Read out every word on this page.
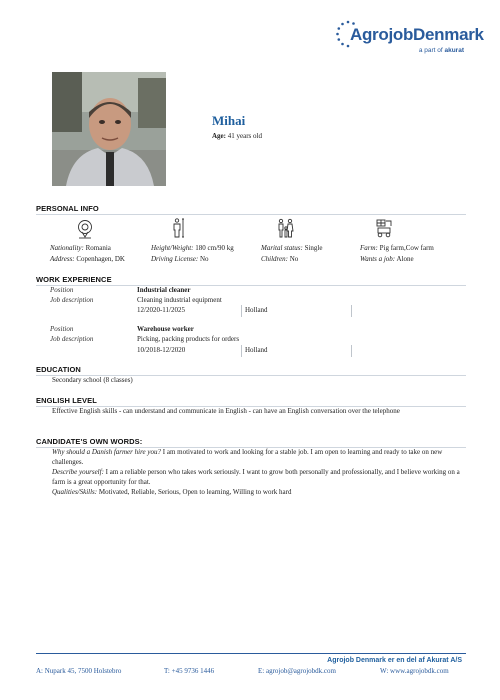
AgrojobDenmark
a part of akurat
Mihai
Age: 41 years old
PERSONAL INFO
Nationality: Romania
Address: Copenhagen, DK
Height/Weight: 180 cm/90 kg
Driving License: No
Marital status: Single
Children: No
Farm: Pig farm,Cow farm
Wants a job: Alone
WORK EXPERIENCE
Position	Industrial cleaner
Job description	Cleaning industrial equipment
12/2020-11/2025	Holland
Position	Warehouse worker
Job description	Picking, packing products for orders
10/2018-12/2020	Holland
EDUCATION
Secondary school (8 classes)
ENGLISH LEVEL
Effective English skills - can understand and communicate in English - can have an English conversation over the telephone
CANDIDATE'S OWN WORDS:
Why should a Danish farmer hire you? I am motivated to work and looking for a stable job. I am open to learning and ready to take on new challenges.
Describe yourself: I am a reliable person who takes work seriously. I want to grow both personally and professionally, and I believe working on a farm is a great opportunity for that.
Qualities/Skills: Motivated, Reliable, Serious, Open to learning, Willing to work hard
Agrojob Denmark er en del af Akurat A/S
A: Nupark 45, 7500 Holstebro	T: +45 9736 1446	E: agrojob@agrojobdk.com	W: www.agrojobdk.com
